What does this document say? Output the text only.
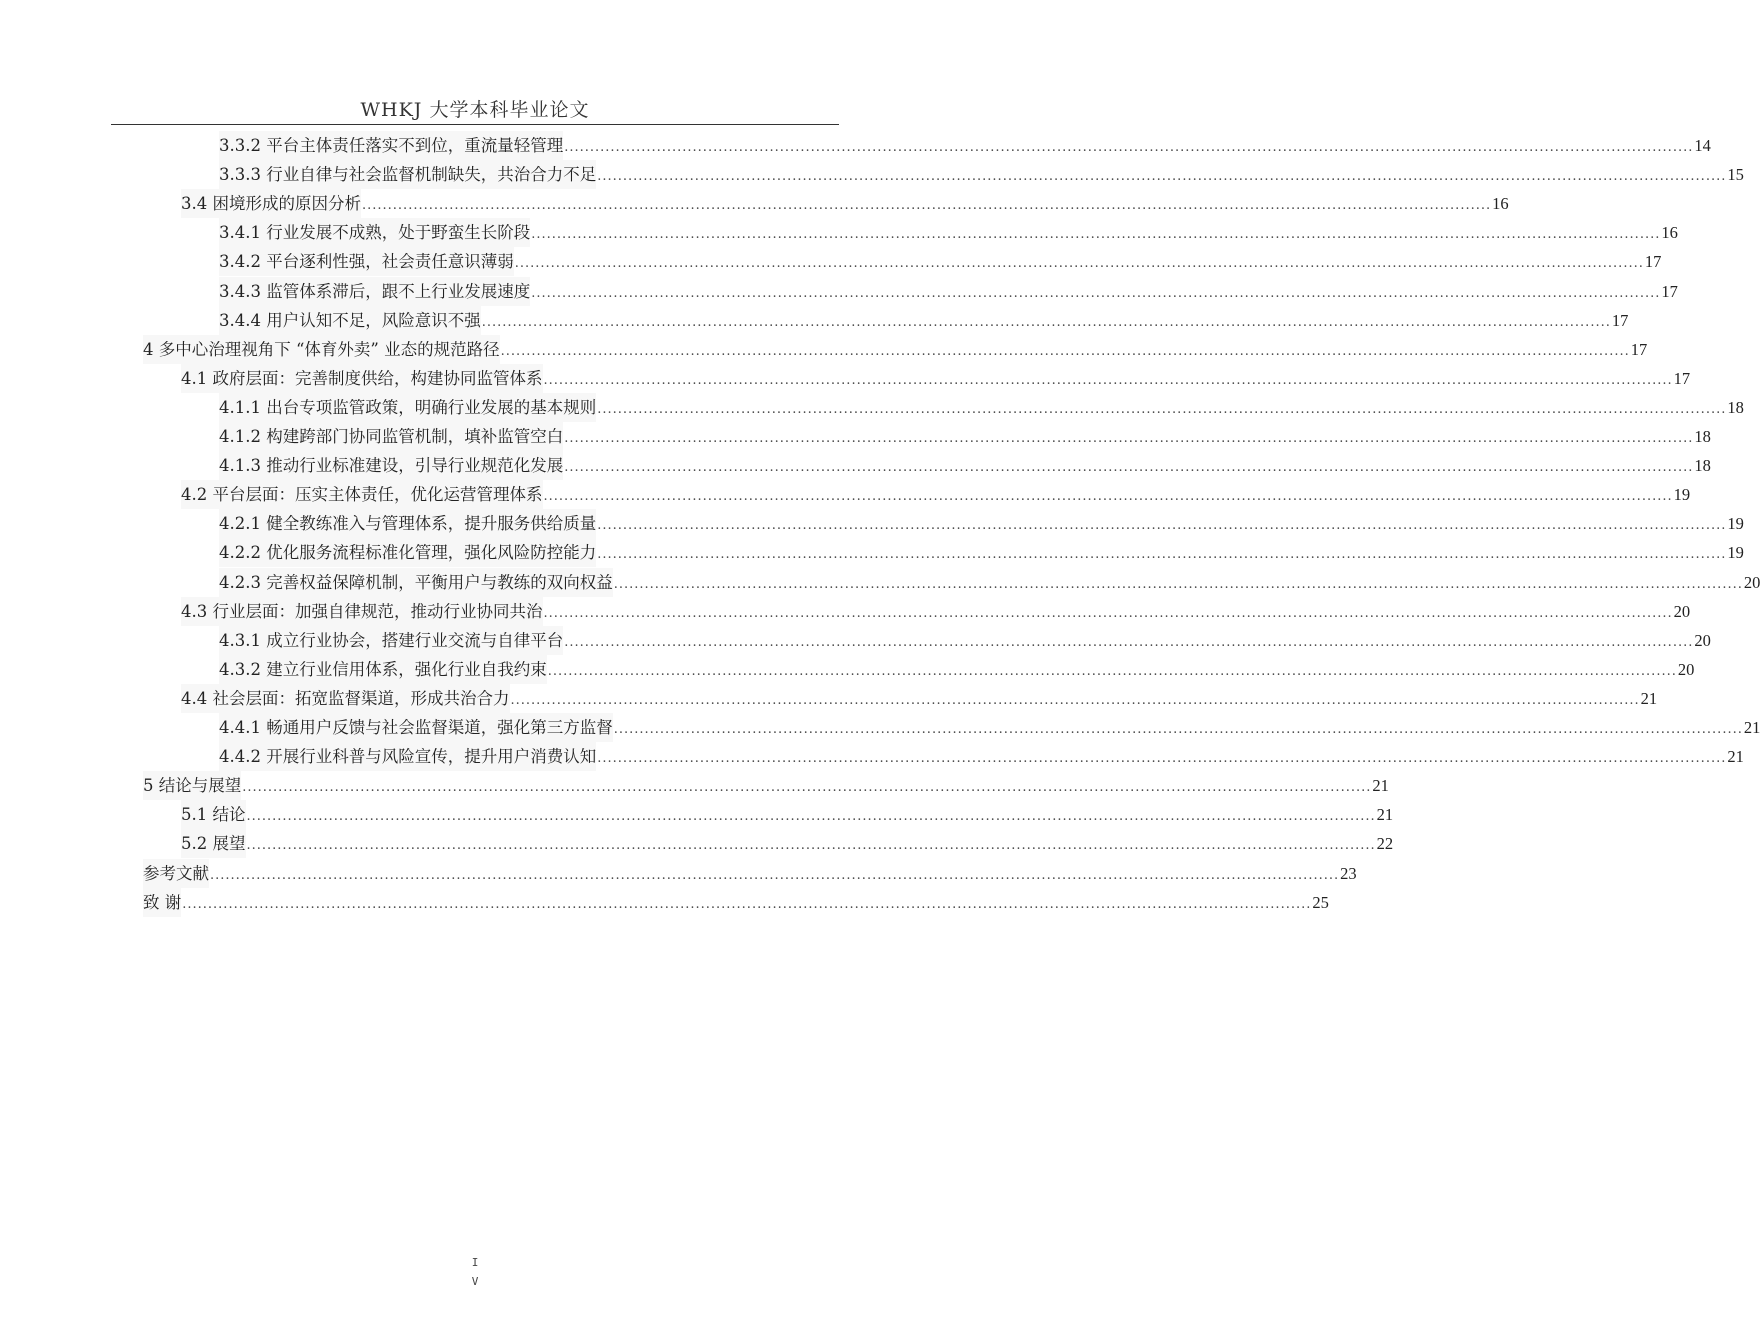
WHKJ 大学本科毕业论文
3.3.2 平台主体责任落实不到位，重流量轻管理 ............................................................................................................................................................................................................................ 14
3.3.3 行业自律与社会监督机制缺失，共治合力不足 ............................................................................................................................................................................................................................ 15
3.4 困境形成的原因分析 ............................................................................................................................................................................................................................ 16
3.4.1 行业发展不成熟，处于野蛮生长阶段 ............................................................................................................................................................................................................................ 16
3.4.2 平台逐利性强，社会责任意识薄弱 ............................................................................................................................................................................................................................ 17
3.4.3 监管体系滞后，跟不上行业发展速度 ............................................................................................................................................................................................................................ 17
3.4.4 用户认知不足，风险意识不强 ............................................................................................................................................................................................................................ 17
4 多中心治理视角下 “体育外卖” 业态的规范路径 ............................................................................................................................................................................................................................ 17
4.1 政府层面：完善制度供给，构建协同监管体系 ............................................................................................................................................................................................................................ 17
4.1.1 出台专项监管政策，明确行业发展的基本规则 ............................................................................................................................................................................................................................ 18
4.1.2 构建跨部门协同监管机制，填补监管空白 ............................................................................................................................................................................................................................ 18
4.1.3 推动行业标准建设，引导行业规范化发展 ............................................................................................................................................................................................................................ 18
4.2 平台层面：压实主体责任，优化运营管理体系 ............................................................................................................................................................................................................................ 19
4.2.1 健全教练准入与管理体系，提升服务供给质量 ............................................................................................................................................................................................................................ 19
4.2.2 优化服务流程标准化管理，强化风险防控能力 ............................................................................................................................................................................................................................ 19
4.2.3 完善权益保障机制，平衡用户与教练的双向权益 ............................................................................................................................................................................................................................ 20
4.3 行业层面：加强自律规范，推动行业协同共治 ............................................................................................................................................................................................................................ 20
4.3.1 成立行业协会，搭建行业交流与自律平台 ............................................................................................................................................................................................................................ 20
4.3.2 建立行业信用体系，强化行业自我约束 ............................................................................................................................................................................................................................ 20
4.4 社会层面：拓宽监督渠道，形成共治合力 ............................................................................................................................................................................................................................ 21
4.4.1 畅通用户反馈与社会监督渠道，强化第三方监督 ............................................................................................................................................................................................................................ 21
4.4.2 开展行业科普与风险宣传，提升用户消费认知 ............................................................................................................................................................................................................................ 21
5 结论与展望 ............................................................................................................................................................................................................................ 21
5.1 结论 ............................................................................................................................................................................................................................ 21
5.2 展望 ............................................................................................................................................................................................................................ 22
参考文献 ............................................................................................................................................................................................................................ 23
致 谢 ............................................................................................................................................................................................................................ 25
I
V
